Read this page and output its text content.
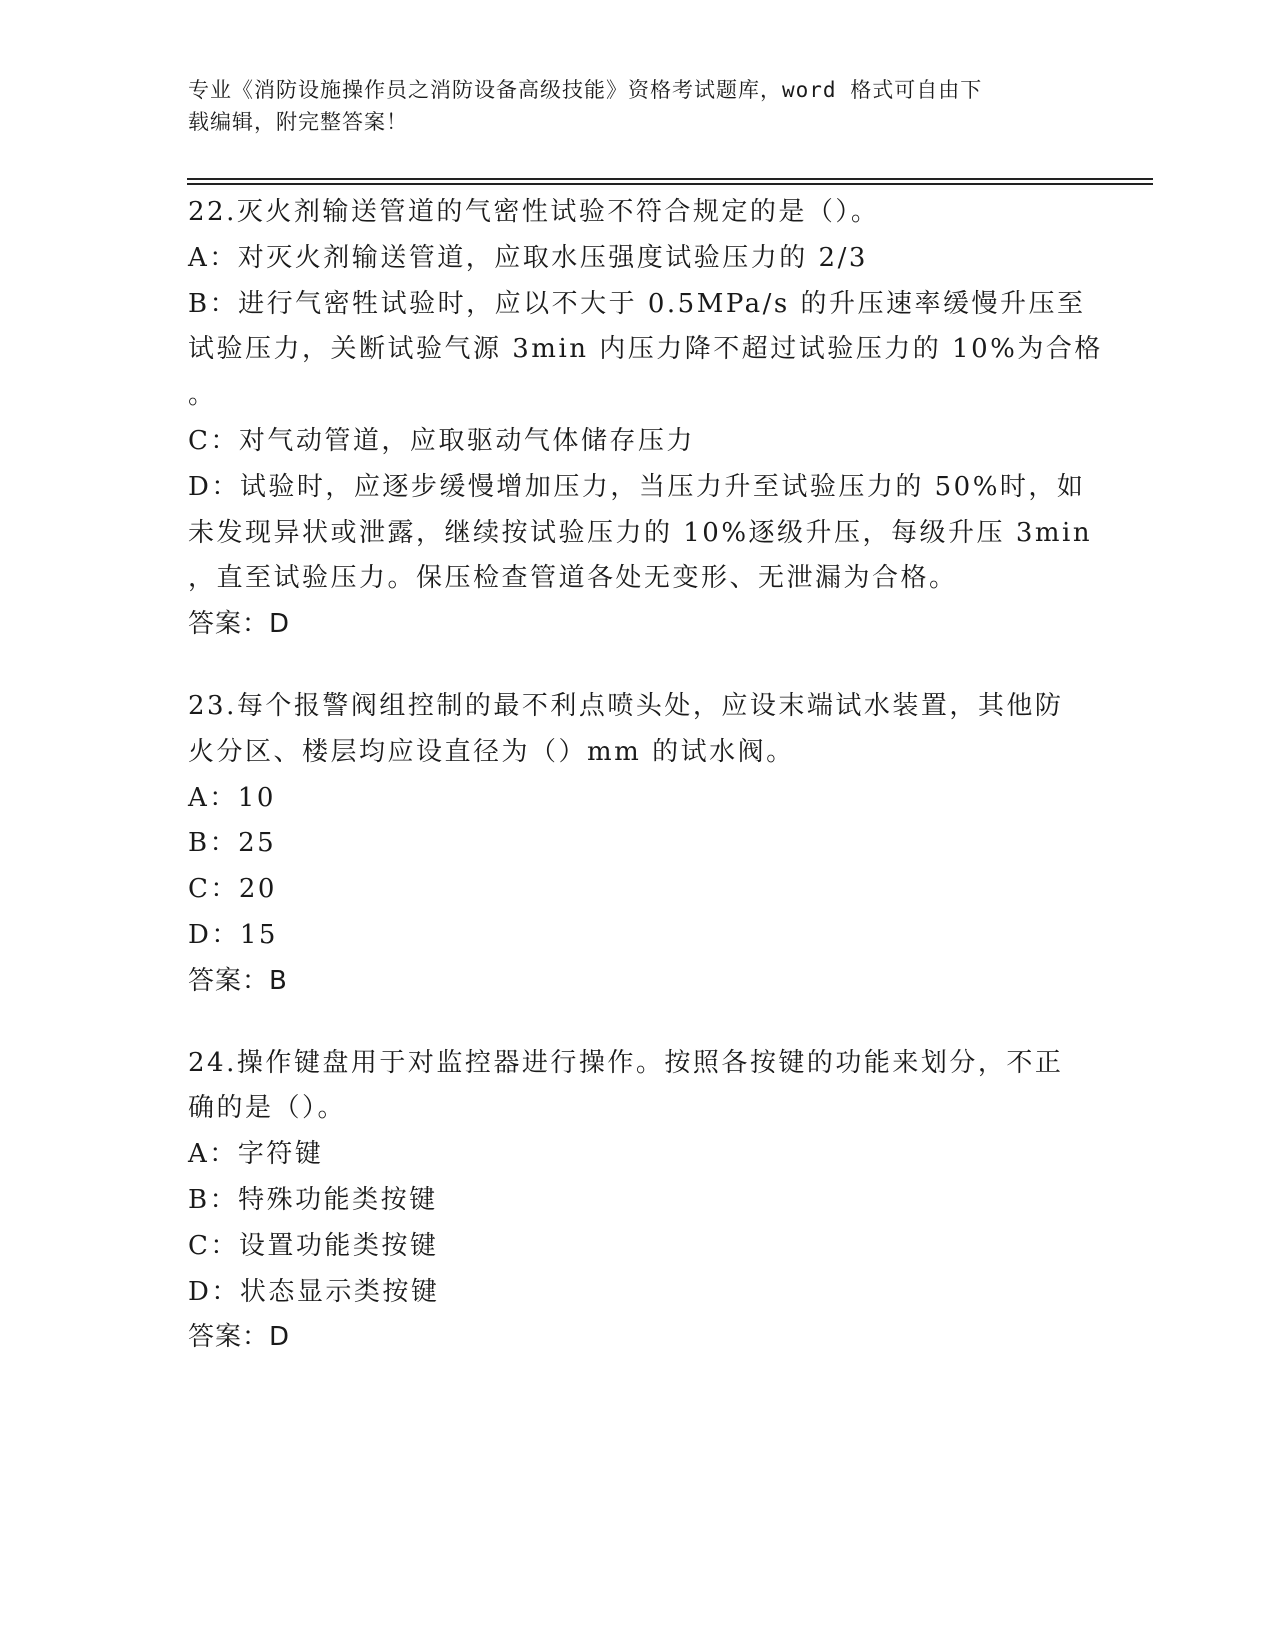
专业《消防设施操作员之消防设备高级技能》资格考试题库，word 格式可自由下
载编辑，附完整答案！
22.灭火剂输送管道的气密性试验不符合规定的是（）。
A：对灭火剂输送管道，应取水压强度试验压力的 2/3
B：进行气密牲试验时，应以不大于 0.5MPa/s 的升压速率缓慢升压至
试验压力，关断试验气源 3min 内压力降不超过试验压力的 10%为合格
。
C：对气动管道，应取驱动气体储存压力
D：试验时，应逐步缓慢增加压力，当压力升至试验压力的 50%时，如
未发现异状或泄露，继续按试验压力的 10%逐级升压，每级升压 3min
，直至试验压力。保压检查管道各处无变形、无泄漏为合格。
答案：D
23.每个报警阀组控制的最不利点喷头处，应设末端试水装置，其他防
火分区、楼层均应设直径为（）mm 的试水阀。
A：10
B：25
C：20
D：15
答案：B
24.操作键盘用于对监控器进行操作。按照各按键的功能来划分，不正
确的是（）。
A：字符键
B：特殊功能类按键
C：设置功能类按键
D：状态显示类按键
答案：D
